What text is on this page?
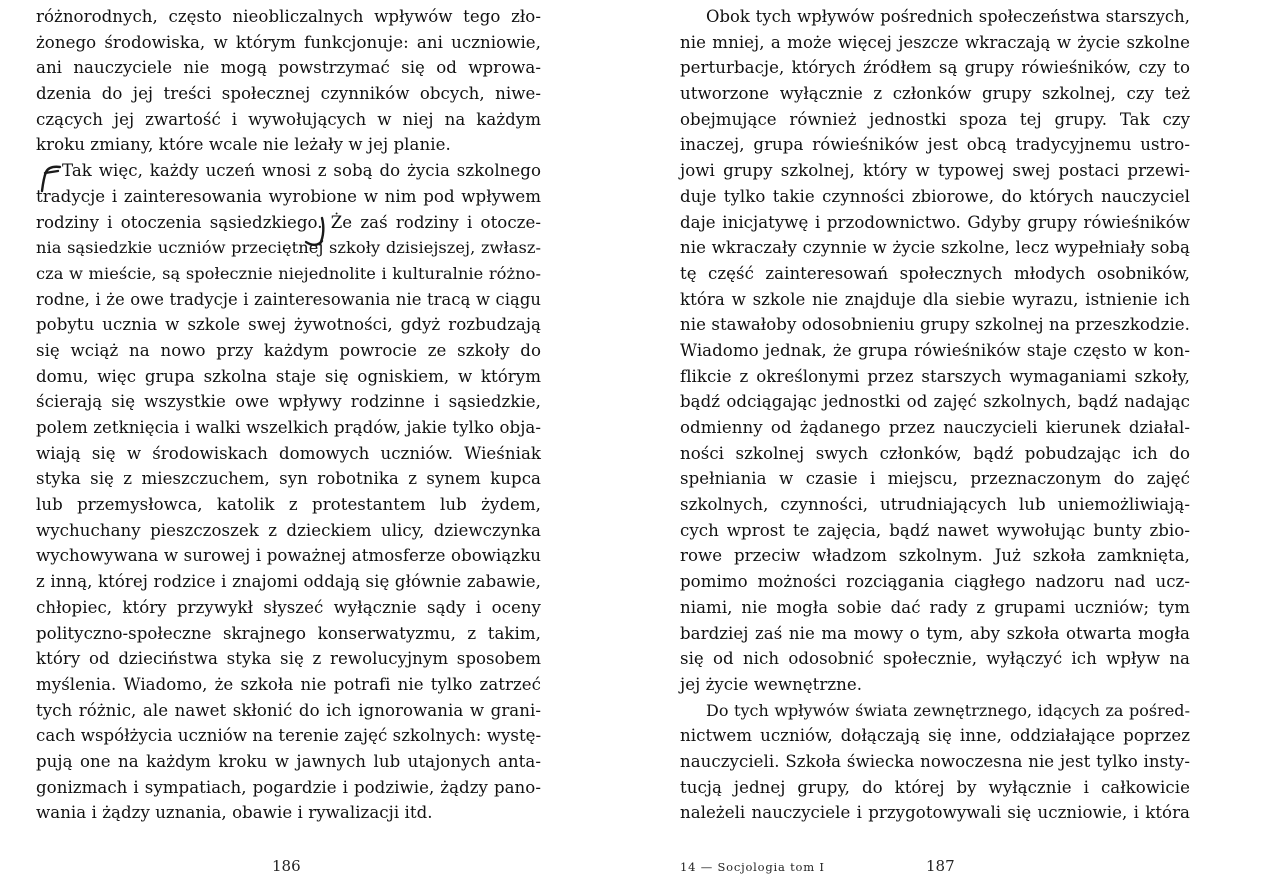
różnorodnych, często nieobliczalnych wpływów tego zło-
żonego środowiska, w którym funkcjonuje: ani uczniowie,
ani nauczyciele nie mogą powstrzymać się od wprowa-
dzenia do jej treści społecznej czynników obcych, niwe-
czących jej zwartość i wywołujących w niej na każdym
kroku zmiany, które wcale nie leżały w jej planie.
Tak więc, każdy uczeń wnosi z sobą do życia szkolnego
tradycje i zainteresowania wyrobione w nim pod wpływem
rodziny i otoczenia sąsiedzkiego. Że zaś rodziny i otocze-
nia sąsiedzkie uczniów przeciętnej szkoły dzisiejszej, zwłasz-
cza w mieście, są społecznie niejednolite i kulturalnie różno-
rodne, i że owe tradycje i zainteresowania nie tracą w ciągu
pobytu ucznia w szkole swej żywotności, gdyż rozbudzają
się wciąż na nowo przy każdym powrocie ze szkoły do
domu, więc grupa szkolna staje się ogniskiem, w którym
ścierają się wszystkie owe wpływy rodzinne i sąsiedzkie,
polem zetknięcia i walki wszelkich prądów, jakie tylko obja-
wiają się w środowiskach domowych uczniów. Wieśniak
styka się z mieszczuchem, syn robotnika z synem kupca
lub przemysłowca, katolik z protestantem lub żydem,
wychuchany pieszczoszek z dzieckiem ulicy, dziewczynka
wychowywana w surowej i poważnej atmosferze obowiązku
z inną, której rodzice i znajomi oddają się głównie zabawie,
chłopiec, który przywykł słyszeć wyłącznie sądy i oceny
polityczno-społeczne skrajnego konserwatyzmu, z takim,
który od dzieciństwa styka się z rewolucyjnym sposobem
myślenia. Wiadomo, że szkoła nie potrafi nie tylko zatrzeć
tych różnic, ale nawet skłonić do ich ignorowania w grani-
cach współżycia uczniów na terenie zajęć szkolnych: wystę-
pują one na każdym kroku w jawnych lub utajonych anta-
gonizmach i sympatiach, pogardzie i podziwie, żądzy pano-
wania i żądzy uznania, obawie i rywalizacji itd.
Obok tych wpływów pośrednich społeczeństwa starszych,
nie mniej, a może więcej jeszcze wkraczają w życie szkolne
perturbacje, których źródłem są grupy rówieśników, czy to
utworzone wyłącznie z członków grupy szkolnej, czy też
obejmujące również jednostki spoza tej grupy. Tak czy
inaczej, grupa rówieśników jest obcą tradycyjnemu ustro-
jowi grupy szkolnej, który w typowej swej postaci przewi-
duje tylko takie czynności zbiorowe, do których nauczyciel
daje inicjatywę i przodownictwo. Gdyby grupy rówieśników
nie wkraczały czynnie w życie szkolne, lecz wypełniały sobą
tę część zainteresowań społecznych młodych osobników,
która w szkole nie znajduje dla siebie wyrazu, istnienie ich
nie stawałoby odosobnieniu grupy szkolnej na przeszkodzie.
Wiadomo jednak, że grupa rówieśników staje często w kon-
flikcie z określonymi przez starszych wymaganiami szkoły,
bądź odciągając jednostki od zajęć szkolnych, bądź nadając
odmienny od żądanego przez nauczycieli kierunek działal-
ności szkolnej swych członków, bądź pobudzając ich do
spełniania w czasie i miejscu, przeznaczonym do zajęć
szkolnych, czynności, utrudniających lub uniemożliwiają-
cych wprost te zajęcia, bądź nawet wywołując bunty zbio-
rowe przeciw władzom szkolnym. Już szkoła zamknięta,
pomimo możności rozciągania ciągłego nadzoru nad ucz-
niami, nie mogła sobie dać rady z grupami uczniów; tym
bardziej zaś nie ma mowy o tym, aby szkoła otwarta mogła
się od nich odosobnić społecznie, wyłączyć ich wpływ na
jej życie wewnętrzne.
Do tych wpływów świata zewnętrznego, idących za pośred-
nictwem uczniów, dołączają się inne, oddziałające poprzez
nauczycieli. Szkoła świecka nowoczesna nie jest tylko insty-
tucją jednej grupy, do której by wyłącznie i całkowicie
należeli nauczyciele i przygotowywali się uczniowie, i która
186	14 — Socjologia tom I	187
